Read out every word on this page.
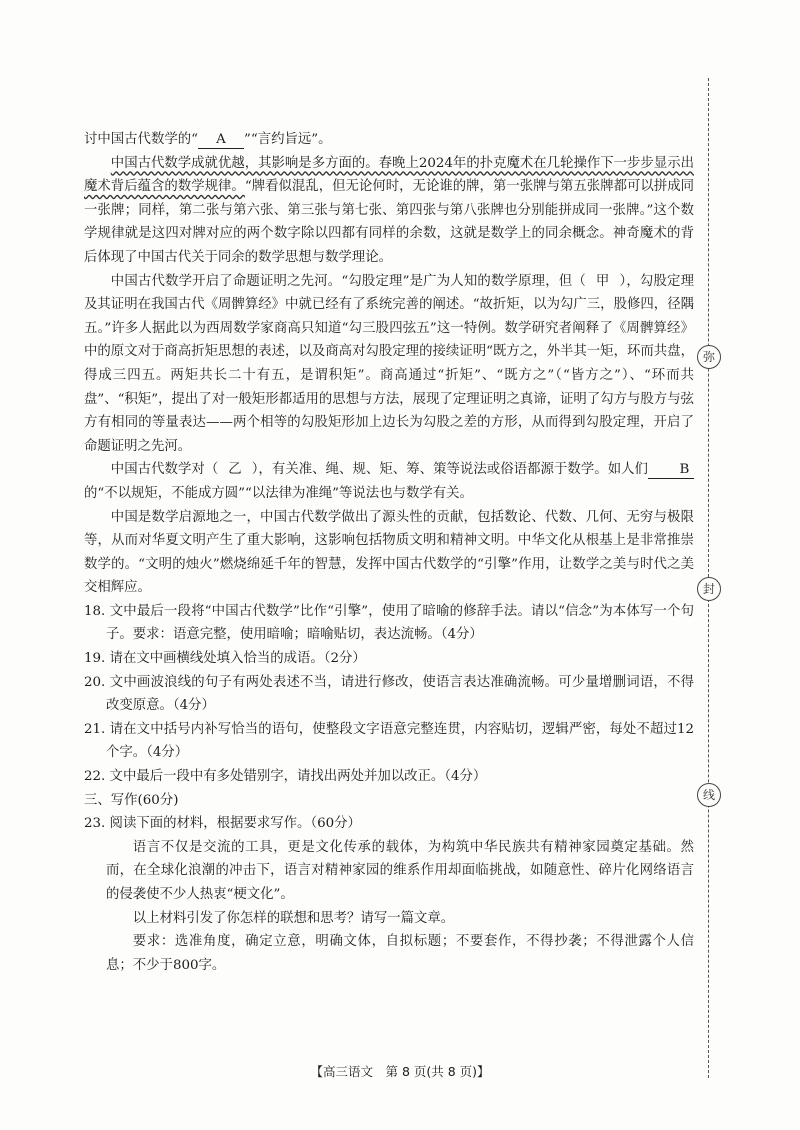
弥
封
线

讨中国古代数学的“ A ”“言约旨远”。

中国古代数学成就优越，其影响是多方面的。春晚上2024年的扑克魔术在几轮操作下一步步显示出魔术背后蕴含的数学规律。“牌看似混乱，但无论何时，无论谁的牌，第一张牌与第五张牌都可以拼成同一张牌；同样，第二张与第六张、第三张与第七张、第四张与第八张牌也分别能拼成同一张牌。”这个数学规律就是这四对牌对应的两个数字除以四都有同样的余数，这就是数学上的同余概念。神奇魔术的背后体现了中国古代关于同余的数学思想与数学理论。

中国古代数学开启了命题证明之先河。“勾股定理”是广为人知的数学原理，但（ 甲 ），勾股定理及其证明在我国古代《周髀算经》中就已经有了系统完善的阐述。“故折矩，以为勾广三，股修四，径隅五。”许多人据此以为西周数学家商高只知道“勾三股四弦五”这一特例。数学研究者阐释了《周髀算经》中的原文对于商高折矩思想的表述，以及商高对勾股定理的接续证明“既方之，外半其一矩，环而共盘，得成三四五。两矩共长二十有五，是谓积矩”。商高通过“折矩”、“既方之”（“皆方之”）、“环而共盘”、“积矩”，提出了对一般矩形都适用的思想与方法，展现了定理证明之真谛，证明了勾方与股方与弦方有相同的等量表达——两个相等的勾股矩形加上边长为勾股之差的方形，从而得到勾股定理，开启了命题证明之先河。

中国古代数学对（ 乙 ），有关准、绳、规、矩、筹、策等说法或俗语都源于数学。如人们 B的“不以规矩，不能成方圆”“以法律为准绳”等说法也与数学有关。

中国是数学启源地之一，中国古代数学做出了源头性的贡献，包括数论、代数、几何、无穷与极限等，从而对华夏文明产生了重大影响，这影响包括物质文明和精神文明。中华文化从根基上是非常推崇数学的。“文明的烛火”燃烧绵延千年的智慧，发挥中国古代数学的“引擎”作用，让数学之美与时代之美交相辉应。

18. 文中最后一段将“中国古代数学”比作“引擎”，使用了暗喻的修辞手法。请以“信念”为本体写一个句子。要求：语意完整，使用暗喻；暗喻贴切，表达流畅。（4分）

19. 请在文中画横线处填入恰当的成语。（2分）

20. 文中画波浪线的句子有两处表述不当，请进行修改，使语言表达准确流畅。可少量增删词语，不得改变原意。（4分）

21. 请在文中括号内补写恰当的语句，使整段文字语意完整连贯，内容贴切，逻辑严密，每处不超过12个字。（4分）

22. 文中最后一段中有多处错别字，请找出两处并加以改正。（4分）

三、写作(60分)

23. 阅读下面的材料，根据要求写作。（60分）

语言不仅是交流的工具，更是文化传承的载体，为构筑中华民族共有精神家园奠定基础。然而，在全球化浪潮的冲击下，语言对精神家园的维系作用却面临挑战，如随意性、碎片化网络语言的侵袭使不少人热衷“梗文化”。

以上材料引发了你怎样的联想和思考？请写一篇文章。

要求：选准角度，确定立意，明确文体，自拟标题；不要套作，不得抄袭；不得泄露个人信息；不少于800字。

【高三语文　第 8 页(共 8 页)】
